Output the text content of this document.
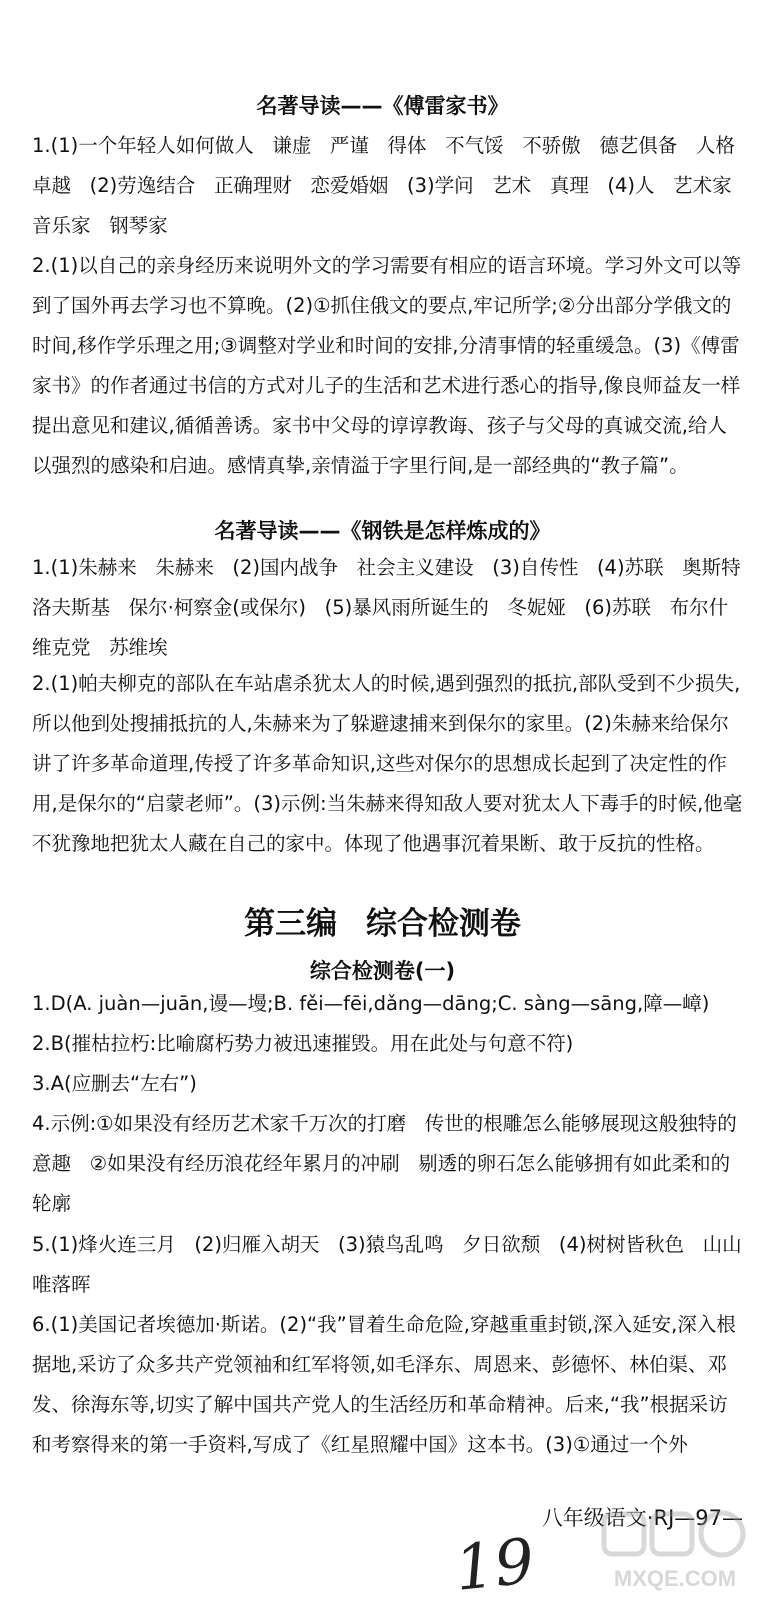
名著导读——《傅雷家书》

1.(1)一个年轻人如何做人   谦虚   严谨   得体   不气馁   不骄傲   德艺俱备   人格卓越   (2)劳逸结合   正确理财   恋爱婚姻   (3)学问   艺术   真理   (4)人   艺术家   音乐家   钢琴家

2.(1)以自己的亲身经历来说明外文的学习需要有相应的语言环境。学习外文可以等到了国外再去学习也不算晚。(2)①抓住俄文的要点,牢记所学;②分出部分学俄文的时间,移作学乐理之用;③调整对学业和时间的安排,分清事情的轻重缓急。(3)《傅雷家书》的作者通过书信的方式对儿子的生活和艺术进行悉心的指导,像良师益友一样提出意见和建议,循循善诱。家书中父母的谆谆教诲、孩子与父母的真诚交流,给人以强烈的感染和启迪。感情真挚,亲情溢于字里行间,是一部经典的“教子篇”。

名著导读——《钢铁是怎样炼成的》

1.(1)朱赫来   朱赫来   (2)国内战争   社会主义建设   (3)自传性   (4)苏联   奥斯特洛夫斯基   保尔·柯察金(或保尔)   (5)暴风雨所诞生的   冬妮娅   (6)苏联   布尔什维克党   苏维埃

2.(1)帕夫柳克的部队在车站虐杀犹太人的时候,遇到强烈的抵抗,部队受到不少损失,所以他到处搜捕抵抗的人,朱赫来为了躲避逮捕来到保尔的家里。(2)朱赫来给保尔讲了许多革命道理,传授了许多革命知识,这些对保尔的思想成长起到了决定性的作用,是保尔的“启蒙老师”。(3)示例:当朱赫来得知敌人要对犹太人下毒手的时候,他毫不犹豫地把犹太人藏在自己的家中。体现了他遇事沉着果断、敢于反抗的性格。

第三编 综合检测卷
综合检测卷(一)

1.D(A. juàn—juān,谩—墁;B. fěi—fēi,dǎng—dāng;C. sàng—sāng,障—嶂)

2.B(摧枯拉朽:比喻腐朽势力被迅速摧毁。用在此处与句意不符)

3.A(应删去“左右”)

4.示例:①如果没有经历艺术家千万次的打磨   传世的根雕怎么能够展现这般独特的意趣   ②如果没有经历浪花经年累月的冲刷   剔透的卵石怎么能够拥有如此柔和的轮廓

5.(1)烽火连三月   (2)归雁入胡天   (3)猿鸟乱鸣   夕日欲颓   (4)树树皆秋色   山山唯落晖

6.(1)美国记者埃德加·斯诺。(2)“我”冒着生命危险,穿越重重封锁,深入延安,深入根据地,采访了众多共产党领袖和红军将领,如毛泽东、周恩来、彭德怀、林伯渠、邓发、徐海东等,切实了解中国共产党人的生活经历和革命精神。后来,“我”根据采访和考察得来的第一手资料,写成了《红星照耀中国》这本书。(3)①通过一个外

八年级语文·RJ—97—
19	MXQE.COM
